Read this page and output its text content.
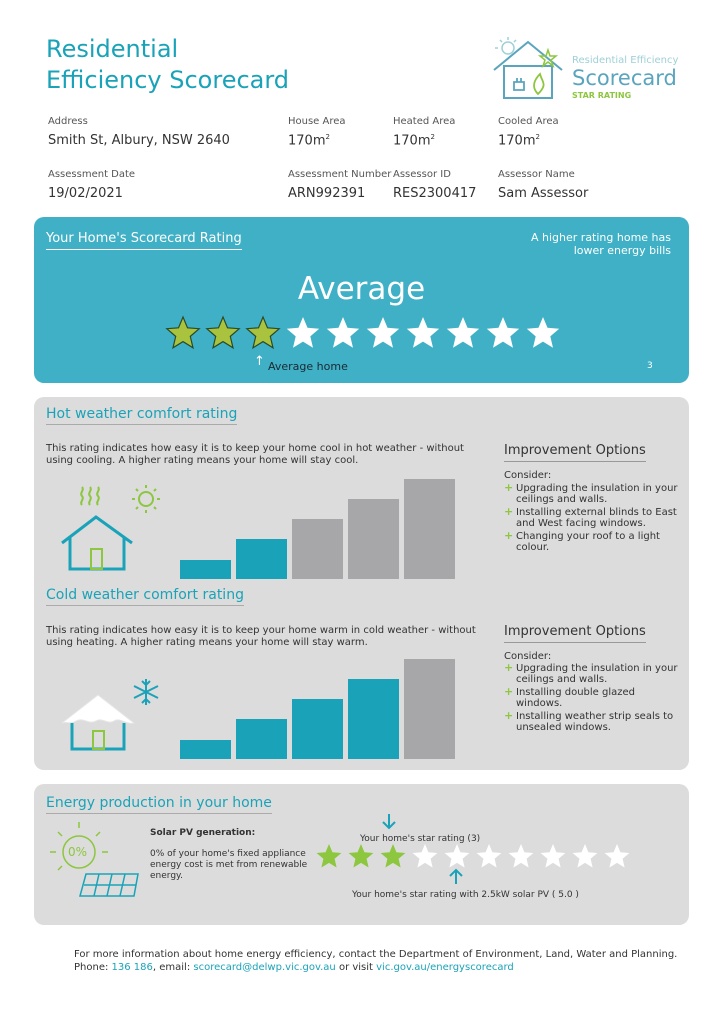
Residential
Efficiency Scorecard
Residential Efficiency
Scorecard
STAR RATING
Address
Smith St, Albury, NSW 2640
House Area
$170m^2$
Heated Area
$170m^2$
Cooled Area
$170m^2$
Assessment Date
19/02/2021
Assessment Number
ARN992391
Assessor ID
RES2300417
Assessor Name
Sam Assessor
Your Home's Scorecard Rating	A higher rating home has lower energy bills
Average
↑ Average home	3
Hot weather comfort rating
This rating indicates how easy it is to keep your home cool in hot weather - without using cooling. A higher rating means your home will stay cool.
Improvement Options
Consider:
+ Upgrading the insulation in your ceilings and walls.
+ Installing external blinds to East and West facing windows.
+ Changing your roof to a light colour.
Cold weather comfort rating
This rating indicates how easy it is to keep your home warm in cold weather - without using heating. A higher rating means your home will stay warm.
Improvement Options
Consider:
+ Upgrading the insulation in your ceilings and walls.
+ Installing double glazed windows.
+ Installing weather strip seals to unsealed windows.
Energy production in your home
0%
Solar PV generation:
0% of your home's fixed appliance energy cost is met from renewable energy.
Your home's star rating (3)
Your home's star rating with 2.5kW solar PV ( 5.0 )
For more information about home energy efficiency, contact the Department of Environment, Land, Water and Planning.
Phone: 136 186, email: scorecard@delwp.vic.gov.au or visit vic.gov.au/energyscorecard
